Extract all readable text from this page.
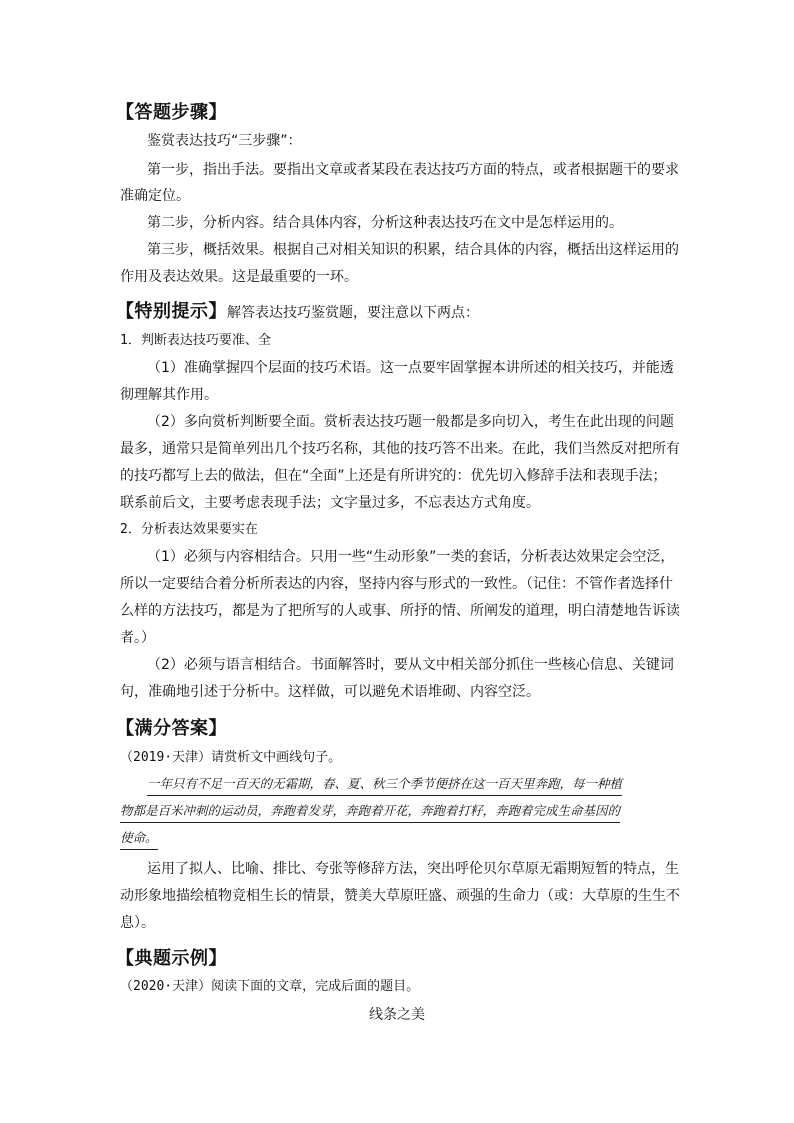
【答题步骤】
鉴赏表达技巧“三步骤”：
第一步，指出手法。要指出文章或者某段在表达技巧方面的特点，或者根据题干的要求
准确定位。
第二步，分析内容。结合具体内容，分析这种表达技巧在文中是怎样运用的。
第三步，概括效果。根据自己对相关知识的积累，结合具体的内容，概括出这样运用的
作用及表达效果。这是最重要的一环。
【特别提示】解答表达技巧鉴赏题，要注意以下两点：
1．判断表达技巧要准、全
（1）准确掌握四个层面的技巧术语。这一点要牢固掌握本讲所述的相关技巧，并能透
彻理解其作用。
（2）多向赏析判断要全面。赏析表达技巧题一般都是多向切入，考生在此出现的问题
最多，通常只是简单列出几个技巧名称，其他的技巧答不出来。在此，我们当然反对把所有
的技巧都写上去的做法，但在“全面”上还是有所讲究的：优先切入修辞手法和表现手法；
联系前后文，主要考虑表现手法；文字量过多，不忘表达方式角度。
2．分析表达效果要实在
（1）必须与内容相结合。只用一些“生动形象”一类的套话，分析表达效果定会空泛，
所以一定要结合着分析所表达的内容，坚持内容与形式的一致性。（记住：不管作者选择什
么样的方法技巧，都是为了把所写的人或事、所抒的情、所阐发的道理，明白清楚地告诉读
者。）
（2）必须与语言相结合。书面解答时，要从文中相关部分抓住一些核心信息、关键词
句，准确地引述于分析中。这样做，可以避免术语堆砌、内容空泛。
【满分答案】
（2019·天津）请赏析文中画线句子。
一年只有不足一百天的无霜期，春、夏、秋三个季节便挤在这一百天里奔跑，每一种植
物都是百米冲刺的运动员，奔跑着发芽，奔跑着开花，奔跑着打籽，奔跑着完成生命基因的
使命。
运用了拟人、比喻、排比、夸张等修辞方法，突出呼伦贝尔草原无霜期短暂的特点，生
动形象地描绘植物竞相生长的情景，赞美大草原旺盛、顽强的生命力（或：大草原的生生不
息）。
【典题示例】
（2020·天津）阅读下面的文章，完成后面的题目。
线条之美
